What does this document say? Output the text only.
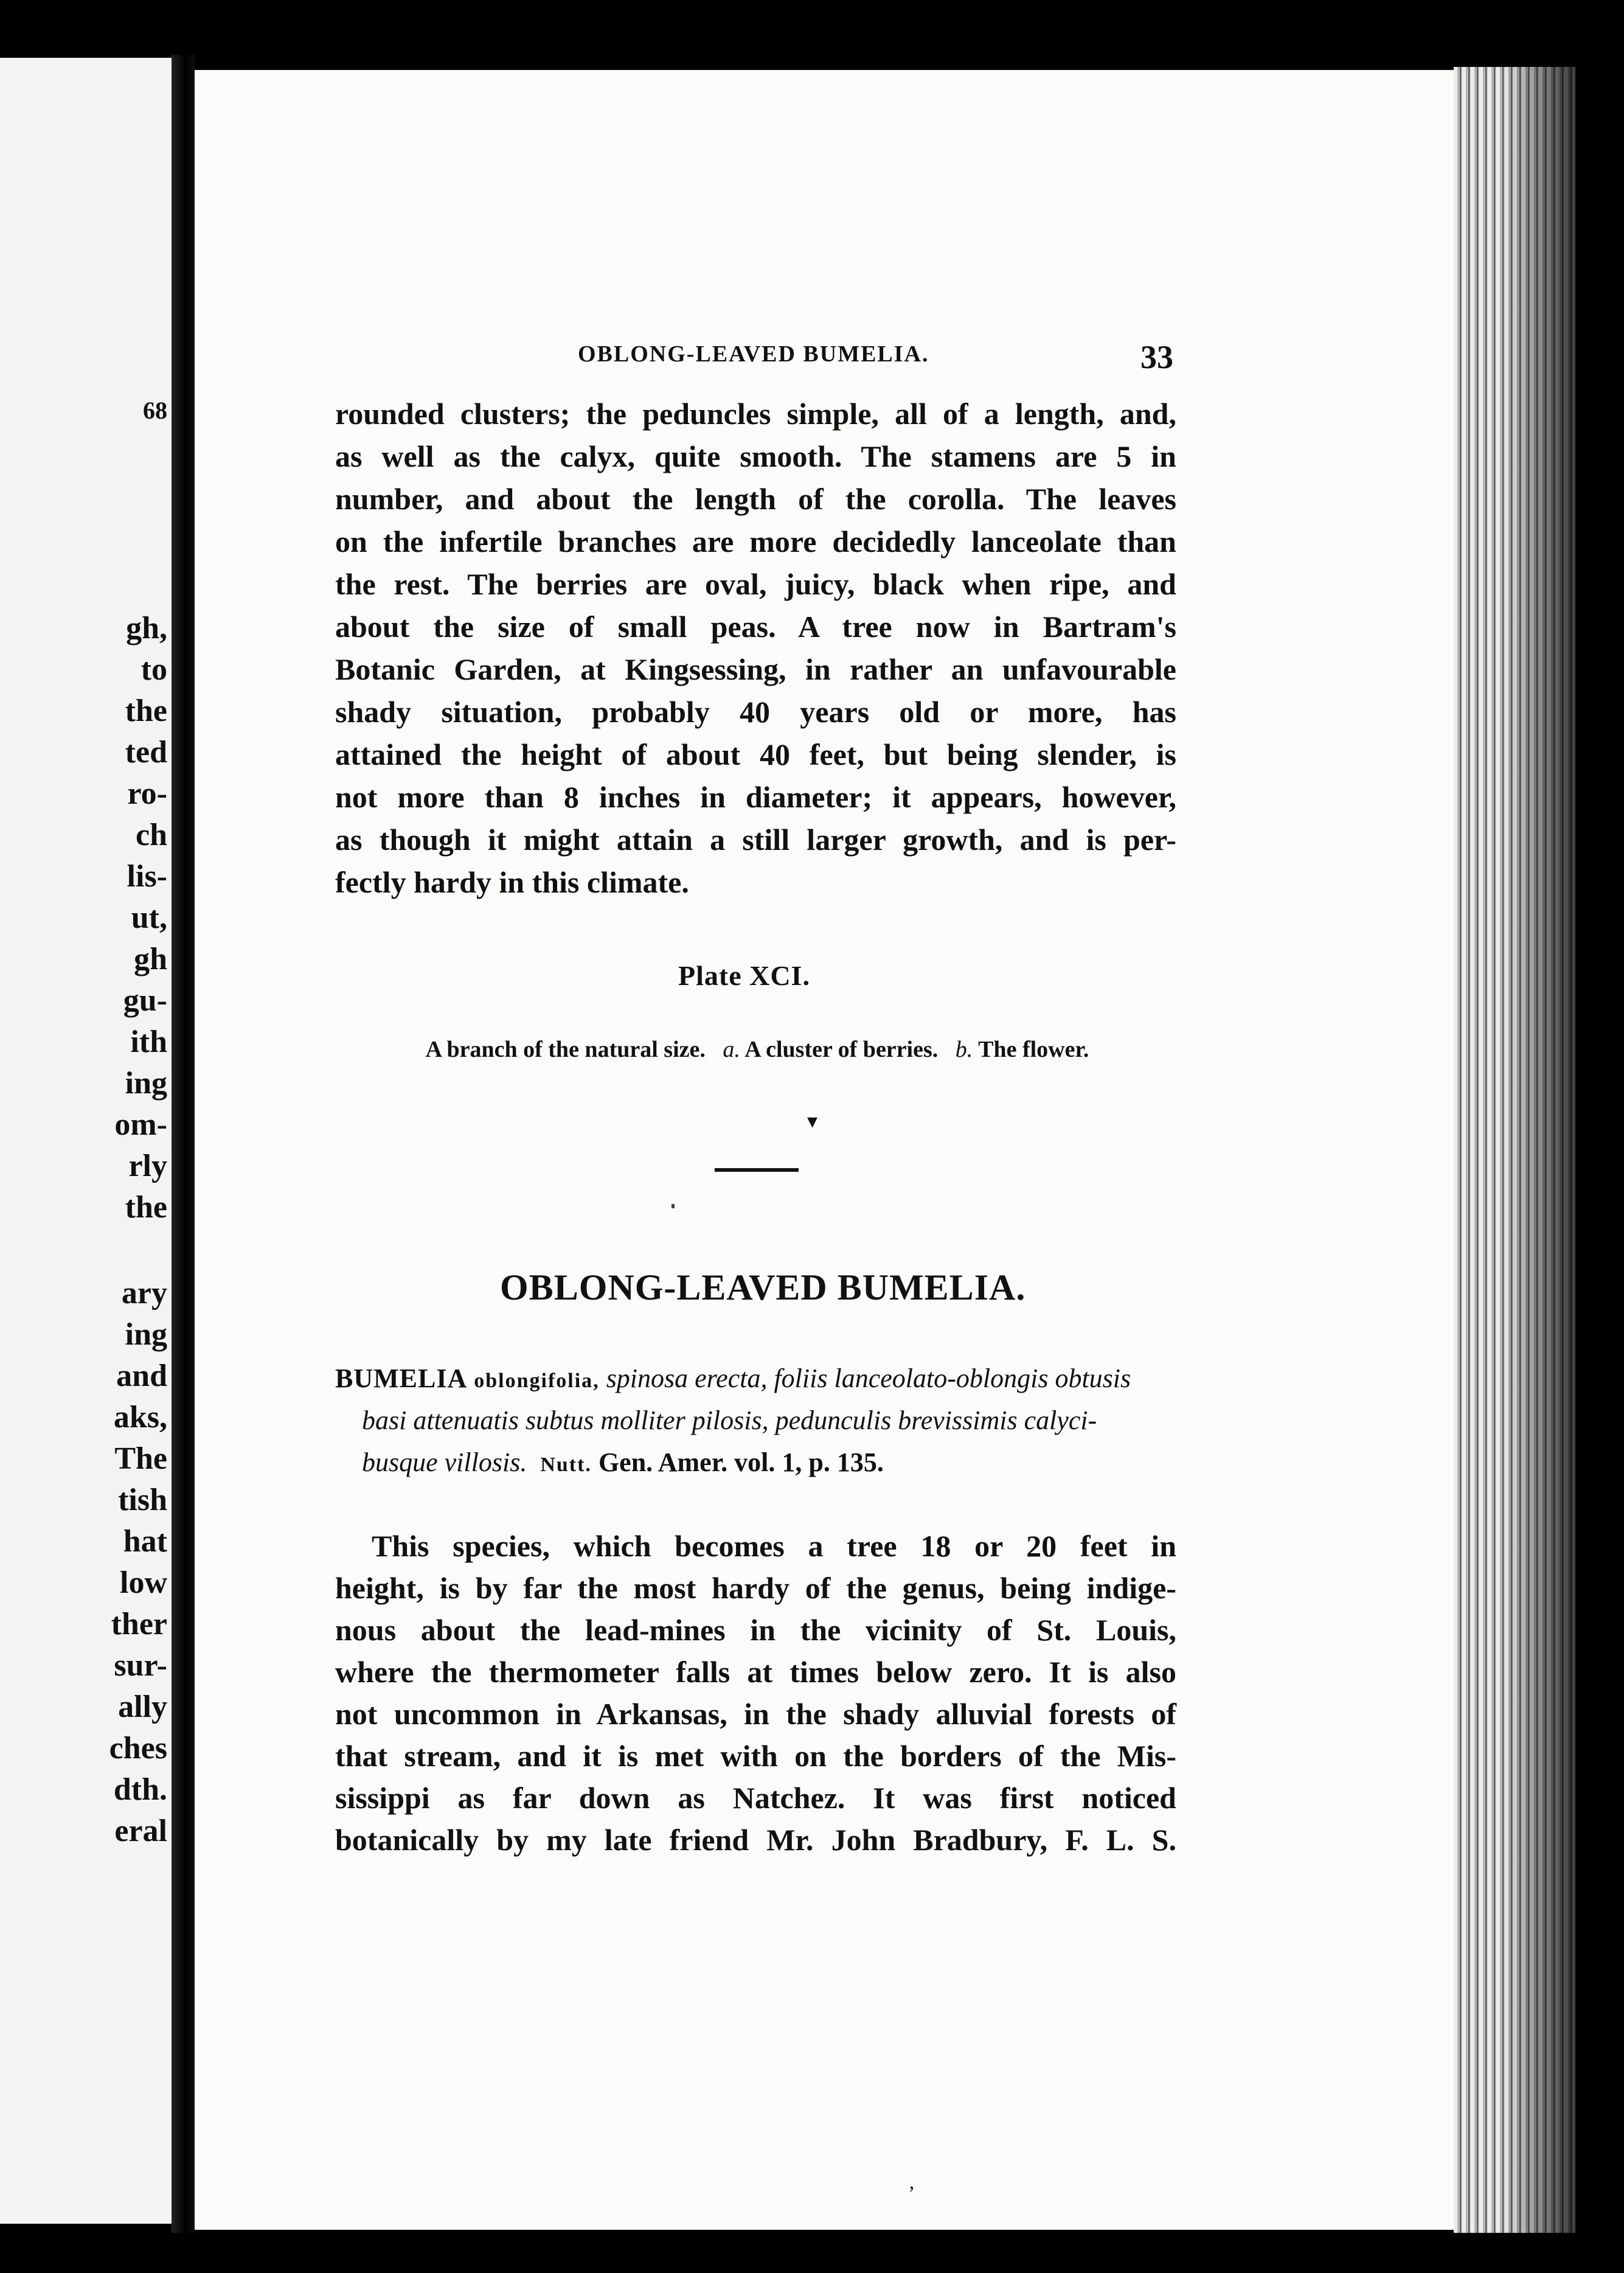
68
gh,
to
the
ted
ro-
ch
lis-
ut,
gh
gu-
ith
ing
om-
rly
the
ary
ing
and
aks,
The
tish
hat
low
ther
sur-
ally
ches
dth.
eral
OBLONG-LEAVED BUMELIA.	33
rounded clusters; the peduncles simple, all of a length, and,
as well as the calyx, quite smooth. The stamens are 5 in
number, and about the length of the corolla. The leaves
on the infertile branches are more decidedly lanceolate than
the rest. The berries are oval, juicy, black when ripe, and
about the size of small peas. A tree now in Bartram's
Botanic Garden, at Kingsessing, in rather an unfavourable
shady situation, probably 40 years old or more, has
attained the height of about 40 feet, but being slender, is
not more than 8 inches in diameter; it appears, however,
as though it might attain a still larger growth, and is per-
fectly hardy in this climate.
Plate XCI.
A branch of the natural size. a. A cluster of berries. b. The flower.
▾
OBLONG-LEAVED BUMELIA.
BUMELIA oblongifolia, spinosa erecta, foliis lanceolato-oblongis obtusis
basi attenuatis subtus molliter pilosis, pedunculis brevissimis calyci-
busque villosis. Nutt. Gen. Amer. vol. 1, p. 135.
This species, which becomes a tree 18 or 20 feet in
height, is by far the most hardy of the genus, being indige-
nous about the lead-mines in the vicinity of St. Louis,
where the thermometer falls at times below zero. It is also
not uncommon in Arkansas, in the shady alluvial forests of
that stream, and it is met with on the borders of the Mis-
sissippi as far down as Natchez. It was first noticed
botanically by my late friend Mr. John Bradbury, F. L. S.
’
